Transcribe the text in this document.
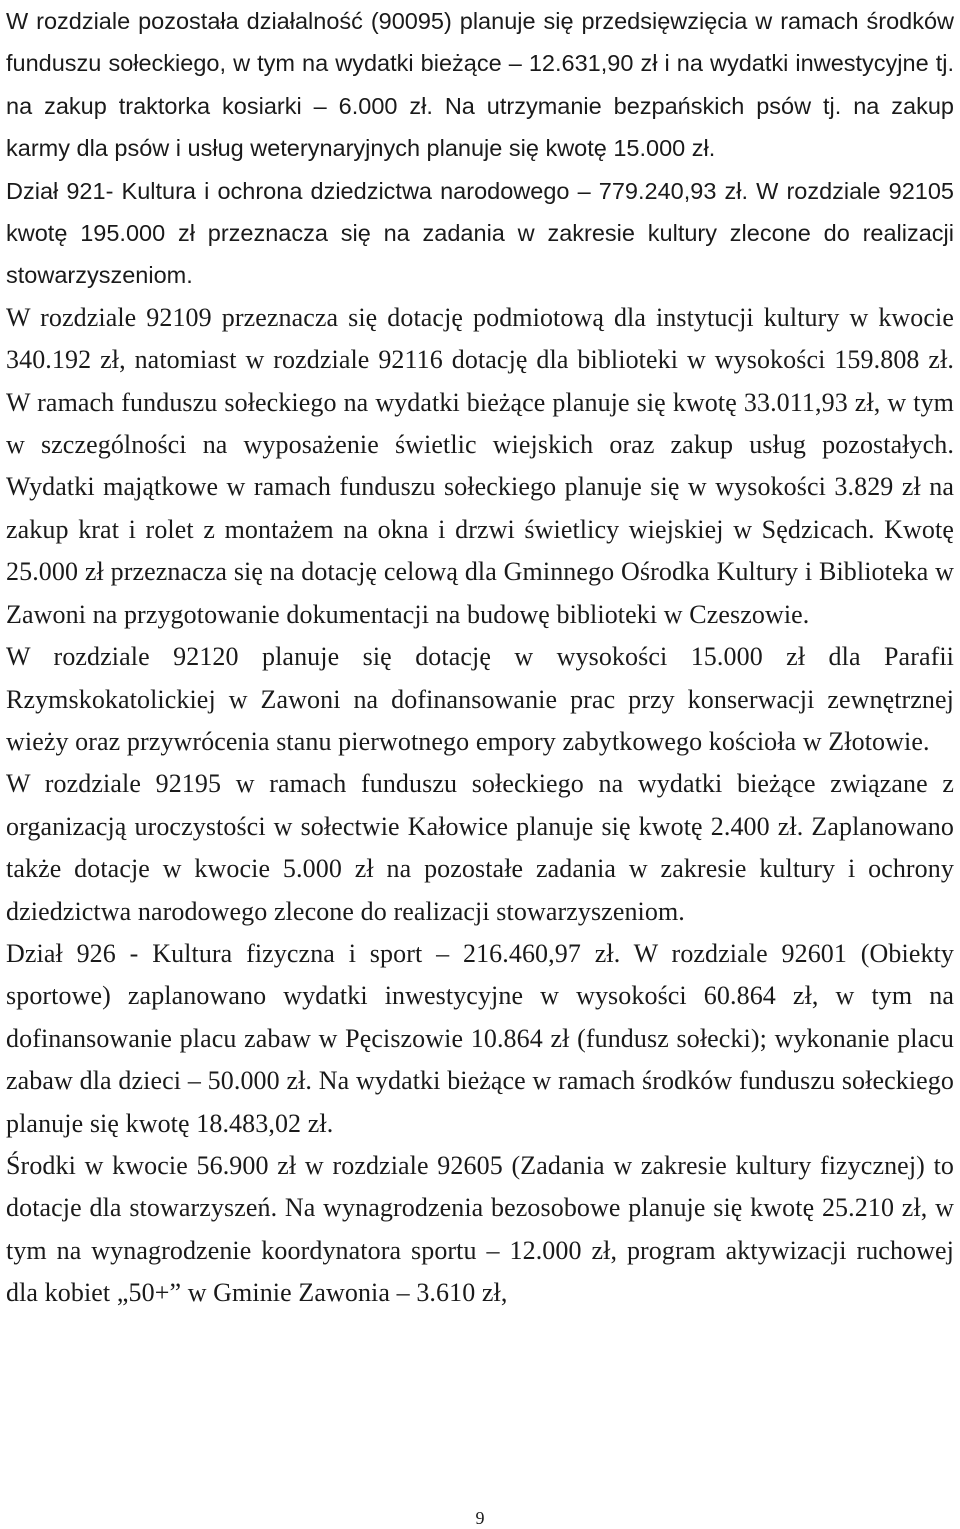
W rozdziale pozostała działalność (90095) planuje się przedsięwzięcia w ramach środków funduszu sołeckiego, w tym na wydatki bieżące – 12.631,90 zł i na wydatki inwestycyjne tj. na zakup traktorka kosiarki – 6.000 zł. Na utrzymanie bezpańskich psów tj. na zakup karmy dla psów i usług weterynaryjnych planuje się kwotę 15.000 zł.

Dział 921- Kultura i ochrona dziedzictwa narodowego – 779.240,93 zł. W rozdziale 92105 kwotę 195.000 zł przeznacza się na zadania w zakresie kultury zlecone do realizacji stowarzyszeniom.

W rozdziale 92109 przeznacza się dotację podmiotową dla instytucji kultury w kwocie 340.192 zł, natomiast w rozdziale 92116 dotację dla biblioteki w wysokości 159.808 zł. W ramach funduszu sołeckiego na wydatki bieżące planuje się kwotę 33.011,93 zł, w tym w szczególności na wyposażenie świetlic wiejskich oraz zakup usług pozostałych. Wydatki majątkowe w ramach funduszu sołeckiego planuje się w wysokości 3.829 zł na zakup krat i rolet z montażem na okna i drzwi świetlicy wiejskiej w Sędzicach. Kwotę 25.000 zł przeznacza się na dotację celową dla Gminnego Ośrodka Kultury i Biblioteka w Zawoni na przygotowanie dokumentacji na budowę biblioteki w Czeszowie.

W rozdziale 92120 planuje się dotację w wysokości 15.000 zł dla Parafii Rzymskokatolickiej w Zawoni na dofinansowanie prac przy konserwacji zewnętrznej wieży oraz przywrócenia stanu pierwotnego empory zabytkowego kościoła w Złotowie.

W rozdziale 92195 w ramach funduszu sołeckiego na wydatki bieżące związane z organizacją uroczystości w sołectwie Kałowice planuje się kwotę 2.400 zł. Zaplanowano także dotacje w kwocie 5.000 zł na pozostałe zadania w zakresie kultury i ochrony dziedzictwa narodowego zlecone do realizacji stowarzyszeniom.

Dział 926 - Kultura fizyczna i sport – 216.460,97 zł. W rozdziale 92601 (Obiekty sportowe) zaplanowano wydatki inwestycyjne w wysokości 60.864 zł, w tym na dofinansowanie placu zabaw w Pęciszowie 10.864 zł (fundusz sołecki); wykonanie placu zabaw dla dzieci – 50.000 zł. Na wydatki bieżące w ramach środków funduszu sołeckiego planuje się kwotę 18.483,02 zł.

Środki w kwocie 56.900 zł w rozdziale 92605 (Zadania w zakresie kultury fizycznej) to dotacje dla stowarzyszeń. Na wynagrodzenia bezosobowe planuje się kwotę 25.210 zł, w tym na wynagrodzenie koordynatora sportu – 12.000 zł, program aktywizacji ruchowej dla kobiet „50+” w Gminie Zawonia – 3.610 zł,

9
